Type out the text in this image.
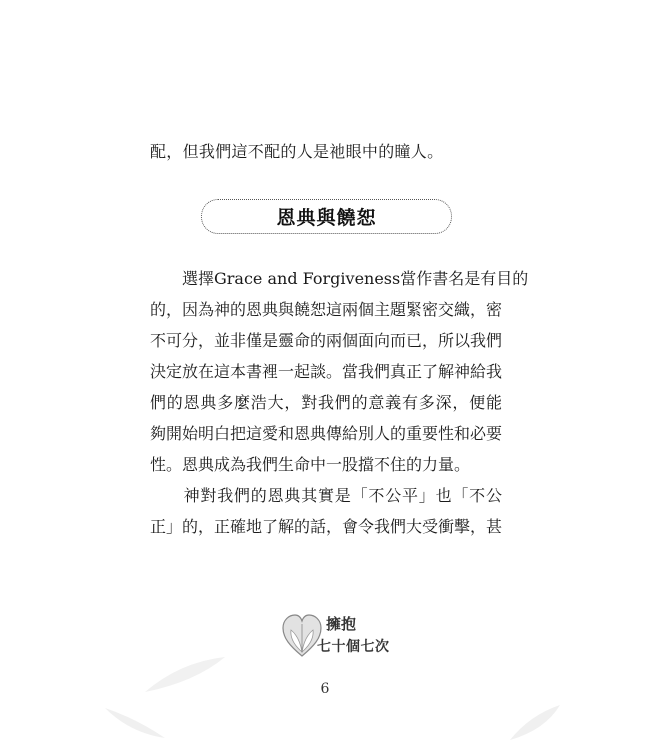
配，但我們這不配的人是祂眼中的瞳人。
恩典與饒恕
　　選擇Grace and Forgiveness當作書名是有目的
的，因為神的恩典與饒恕這兩個主題緊密交織，密
不可分，並非僅是靈命的兩個面向而已，所以我們
決定放在這本書裡一起談。當我們真正了解神給我
們的恩典多麼浩大，對我們的意義有多深，便能
夠開始明白把這愛和恩典傳給別人的重要性和必要
性。恩典成為我們生命中一股擋不住的力量。
　　神對我們的恩典其實是「不公平」也「不公
正」的，正確地了解的話，會令我們大受衝擊，甚
擁抱
七十個七次
6
